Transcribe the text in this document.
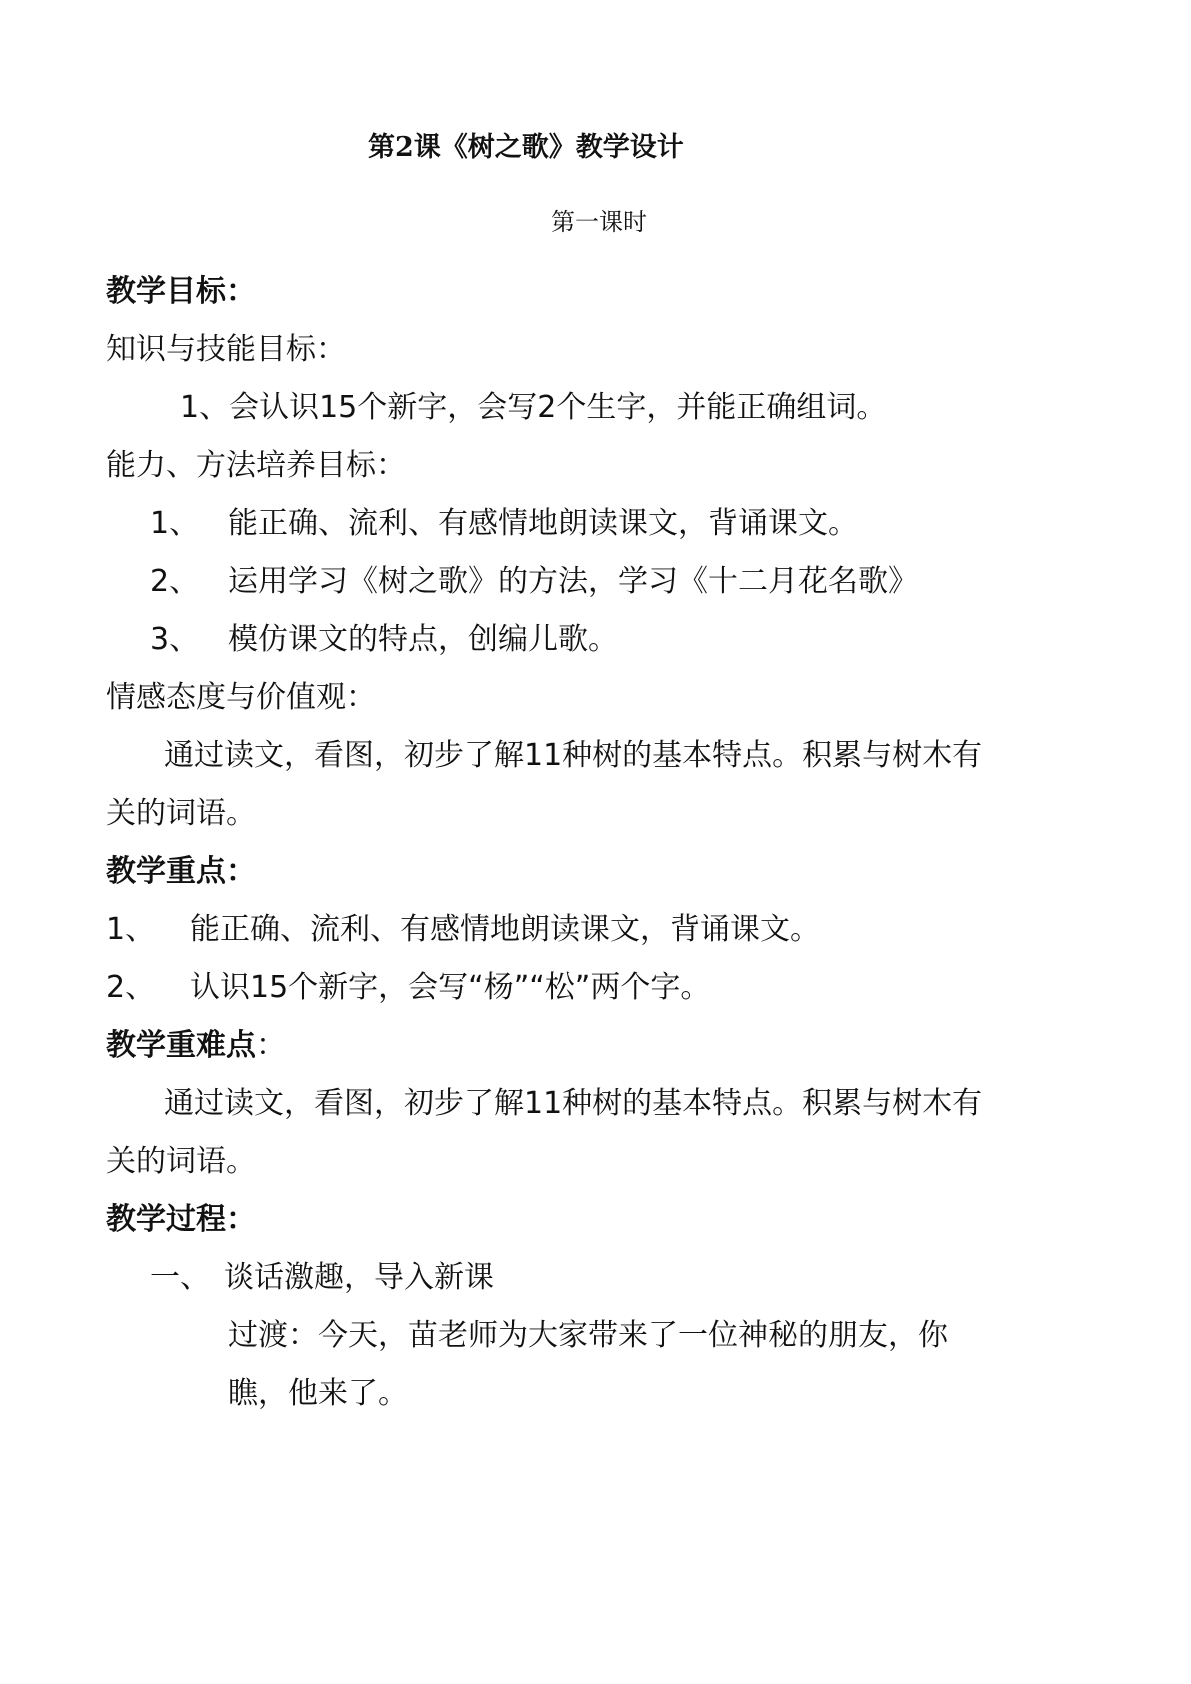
第2课《树之歌》教学设计
第一课时
教学目标：
知识与技能目标：
1、会认识15个新字，会写2个生字，并能正确组词。
能力、方法培养目标：
1、 能正确、流利、有感情地朗读课文，背诵课文。
2、 运用学习《树之歌》的方法，学习《十二月花名歌》
3、 模仿课文的特点，创编儿歌。
情感态度与价值观：
通过读文，看图，初步了解11种树的基本特点。积累与树木有
关的词语。
教学重点：
1、 能正确、流利、有感情地朗读课文，背诵课文。
2、 认识15个新字，会写“杨”“松”两个字。
教学重难点：
通过读文，看图，初步了解11种树的基本特点。积累与树木有
关的词语。
教学过程：
一、 谈话激趣，导入新课
过渡：今天，苗老师为大家带来了一位神秘的朋友，你
瞧，他来了。
